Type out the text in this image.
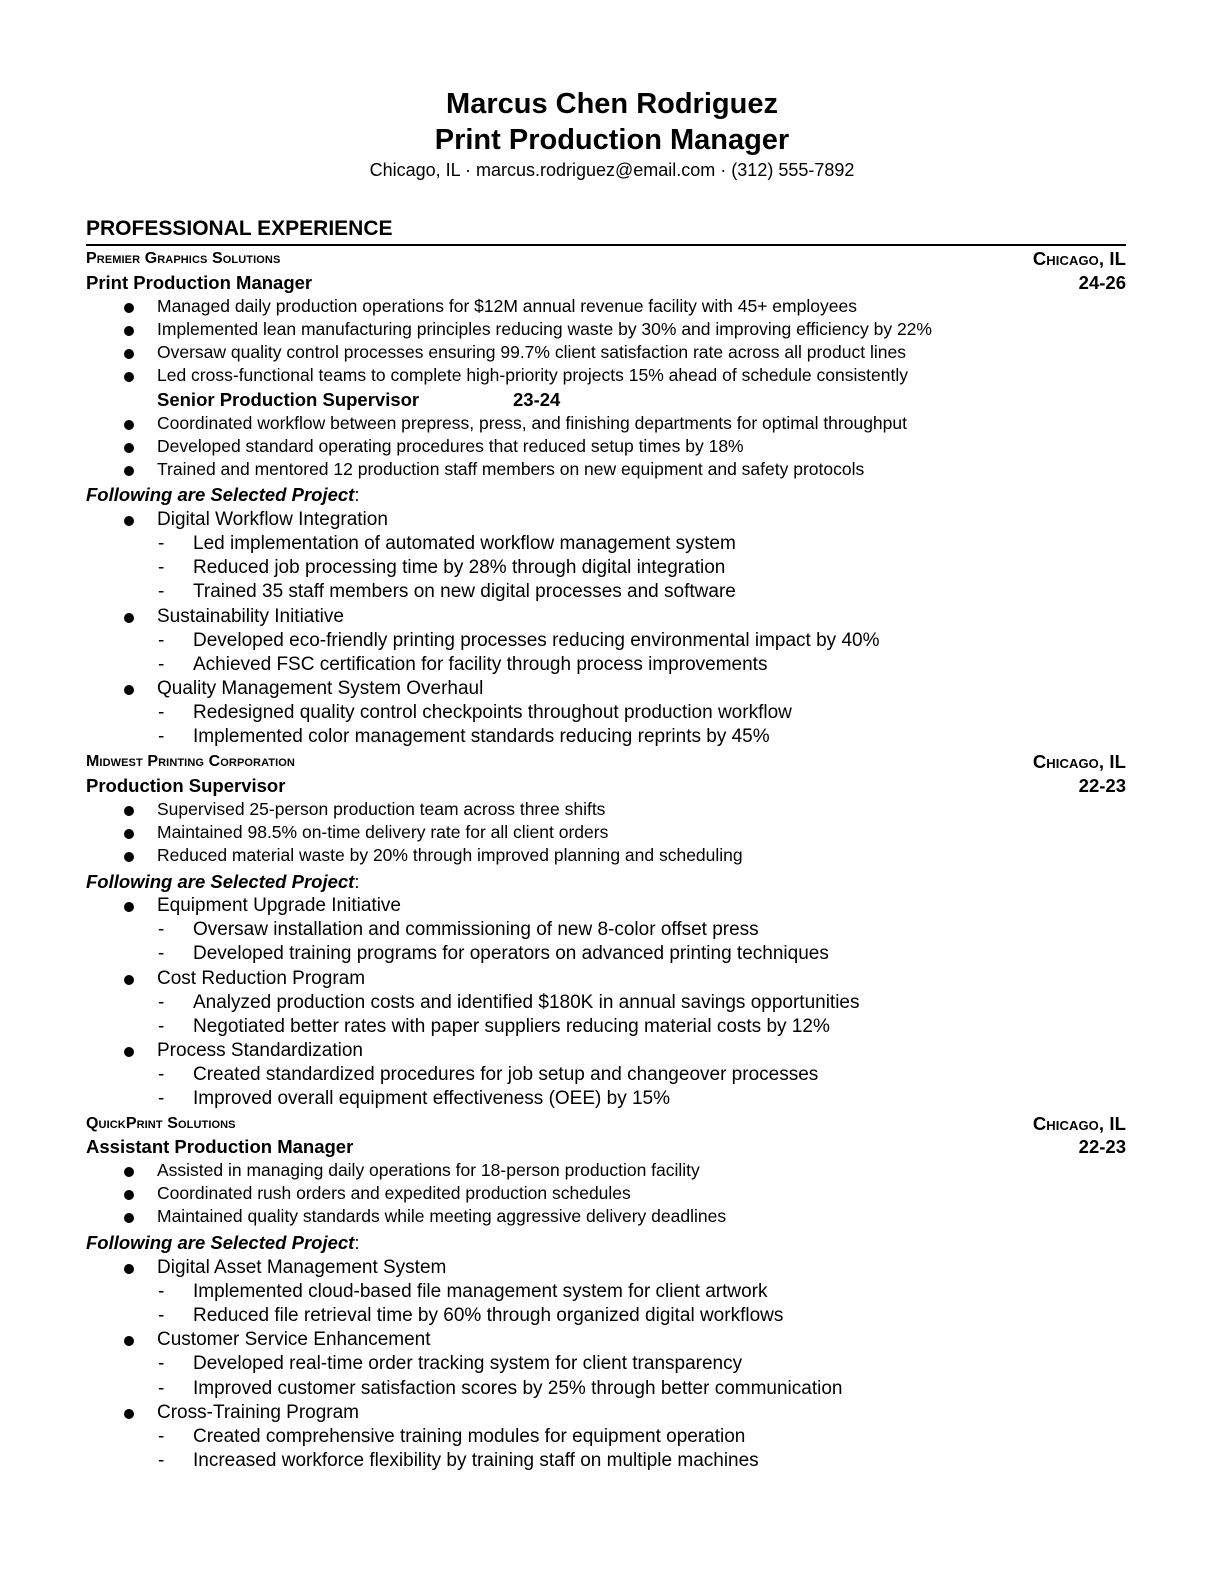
Marcus Chen Rodriguez
Print Production Manager
Chicago, IL · marcus.rodriguez@email.com · (312) 555-7892
PROFESSIONAL EXPERIENCE
Premier Graphics Solutions	Chicago, IL
Print Production Manager	24-26
Managed daily production operations for $12M annual revenue facility with 45+ employees
Implemented lean manufacturing principles reducing waste by 30% and improving efficiency by 22%
Oversaw quality control processes ensuring 99.7% client satisfaction rate across all product lines
Led cross-functional teams to complete high-priority projects 15% ahead of schedule consistently
Senior Production Supervisor	23-24
Coordinated workflow between prepress, press, and finishing departments for optimal throughput
Developed standard operating procedures that reduced setup times by 18%
Trained and mentored 12 production staff members on new equipment and safety protocols
Following are Selected Project:
Digital Workflow Integration
- Led implementation of automated workflow management system
- Reduced job processing time by 28% through digital integration
- Trained 35 staff members on new digital processes and software
Sustainability Initiative
- Developed eco-friendly printing processes reducing environmental impact by 40%
- Achieved FSC certification for facility through process improvements
Quality Management System Overhaul
- Redesigned quality control checkpoints throughout production workflow
- Implemented color management standards reducing reprints by 45%
Midwest Printing Corporation	Chicago, IL
Production Supervisor	22-23
Supervised 25-person production team across three shifts
Maintained 98.5% on-time delivery rate for all client orders
Reduced material waste by 20% through improved planning and scheduling
Following are Selected Project:
Equipment Upgrade Initiative
- Oversaw installation and commissioning of new 8-color offset press
- Developed training programs for operators on advanced printing techniques
Cost Reduction Program
- Analyzed production costs and identified $180K in annual savings opportunities
- Negotiated better rates with paper suppliers reducing material costs by 12%
Process Standardization
- Created standardized procedures for job setup and changeover processes
- Improved overall equipment effectiveness (OEE) by 15%
QuickPrint Solutions	Chicago, IL
Assistant Production Manager	22-23
Assisted in managing daily operations for 18-person production facility
Coordinated rush orders and expedited production schedules
Maintained quality standards while meeting aggressive delivery deadlines
Following are Selected Project:
Digital Asset Management System
- Implemented cloud-based file management system for client artwork
- Reduced file retrieval time by 60% through organized digital workflows
Customer Service Enhancement
- Developed real-time order tracking system for client transparency
- Improved customer satisfaction scores by 25% through better communication
Cross-Training Program
- Created comprehensive training modules for equipment operation
- Increased workforce flexibility by training staff on multiple machines
